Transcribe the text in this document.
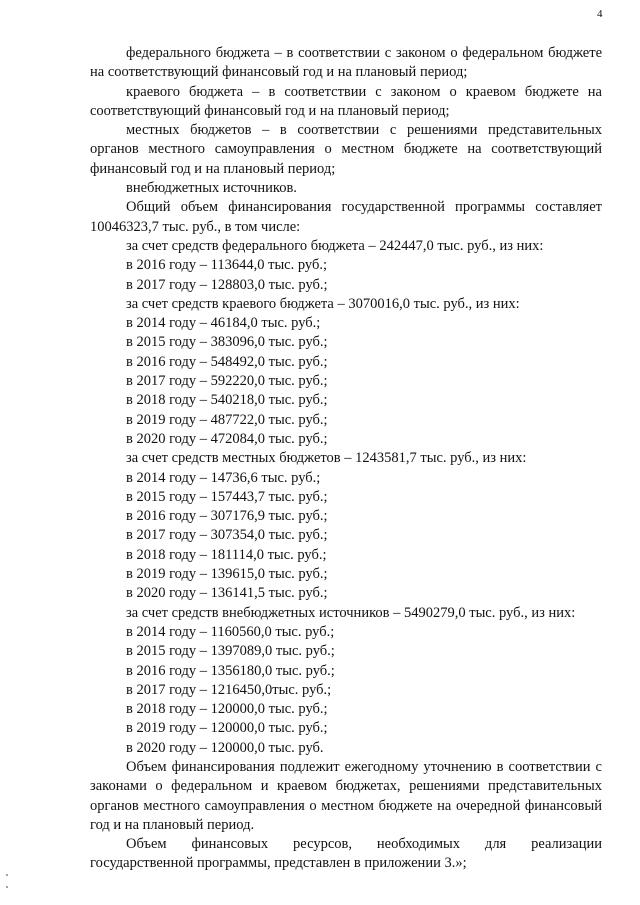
4

федерального бюджета – в соответствии с законом о федеральном бюджете на соответствующий финансовый год и на плановый период;

краевого бюджета – в соответствии с законом о краевом бюджете на соответствующий финансовый год и на плановый период;

местных бюджетов – в соответствии с решениями представительных органов местного самоуправления о местном бюджете на соответствующий финансовый год и на плановый период;

внебюджетных источников.

Общий объем финансирования государственной программы составляет 10046323,7 тыс. руб., в том числе:

за счет средств федерального бюджета – 242447,0 тыс. руб., из них:

в 2016 году – 113644,0 тыс. руб.;

в 2017 году – 128803,0 тыс. руб.;

за счет средств краевого бюджета – 3070016,0 тыс. руб., из них:

в 2014 году – 46184,0 тыс. руб.;

в 2015 году – 383096,0 тыс. руб.;

в 2016 году – 548492,0 тыс. руб.;

в 2017 году – 592220,0 тыс. руб.;

в 2018 году – 540218,0 тыс. руб.;

в 2019 году – 487722,0 тыс. руб.;

в 2020 году – 472084,0 тыс. руб.;

за счет средств местных бюджетов – 1243581,7 тыс. руб., из них:

в 2014 году – 14736,6 тыс. руб.;

в 2015 году – 157443,7 тыс. руб.;

в 2016 году – 307176,9 тыс. руб.;

в 2017 году – 307354,0 тыс. руб.;

в 2018 году – 181114,0 тыс. руб.;

в 2019 году – 139615,0 тыс. руб.;

в 2020 году – 136141,5 тыс. руб.;

за счет средств внебюджетных источников – 5490279,0 тыс. руб., из них:

в 2014 году – 1160560,0 тыс. руб.;

в 2015 году – 1397089,0 тыс. руб.;

в 2016 году – 1356180,0 тыс. руб.;

в 2017 году – 1216450,0тыс. руб.;

в 2018 году – 120000,0 тыс. руб.;

в 2019 году – 120000,0 тыс. руб.;

в 2020 году – 120000,0 тыс. руб.

Объем финансирования подлежит ежегодному уточнению в соответствии с законами о федеральном и краевом бюджетах, решениями представительных органов местного самоуправления о местном бюджете на очередной финансовый год и на плановый период.

Объем финансовых ресурсов, необходимых для реализации государственной программы, представлен в приложении 3.»;
